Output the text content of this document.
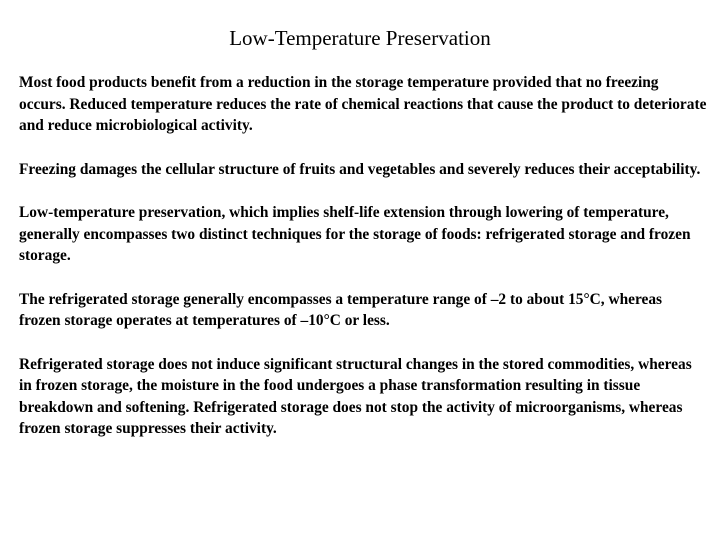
Low-Temperature Preservation

Most food products benefit from a reduction in the storage temperature provided that no freezing occurs. Reduced temperature reduces the rate of chemical reactions that cause the product to deteriorate and reduce microbiological activity.

Freezing damages the cellular structure of fruits and vegetables and severely reduces their acceptability.

Low-temperature preservation, which implies shelf-life extension through lowering of temperature, generally encompasses two distinct techniques for the storage of foods: refrigerated storage and frozen storage.

The refrigerated storage generally encompasses a temperature range of –2 to about 15°C, whereas frozen storage operates at temperatures of –10°C or less.

Refrigerated storage does not induce significant structural changes in the stored commodities, whereas in frozen storage, the moisture in the food undergoes a phase transformation resulting in tissue breakdown and softening. Refrigerated storage does not stop the activity of microorganisms, whereas frozen storage suppresses their activity.
